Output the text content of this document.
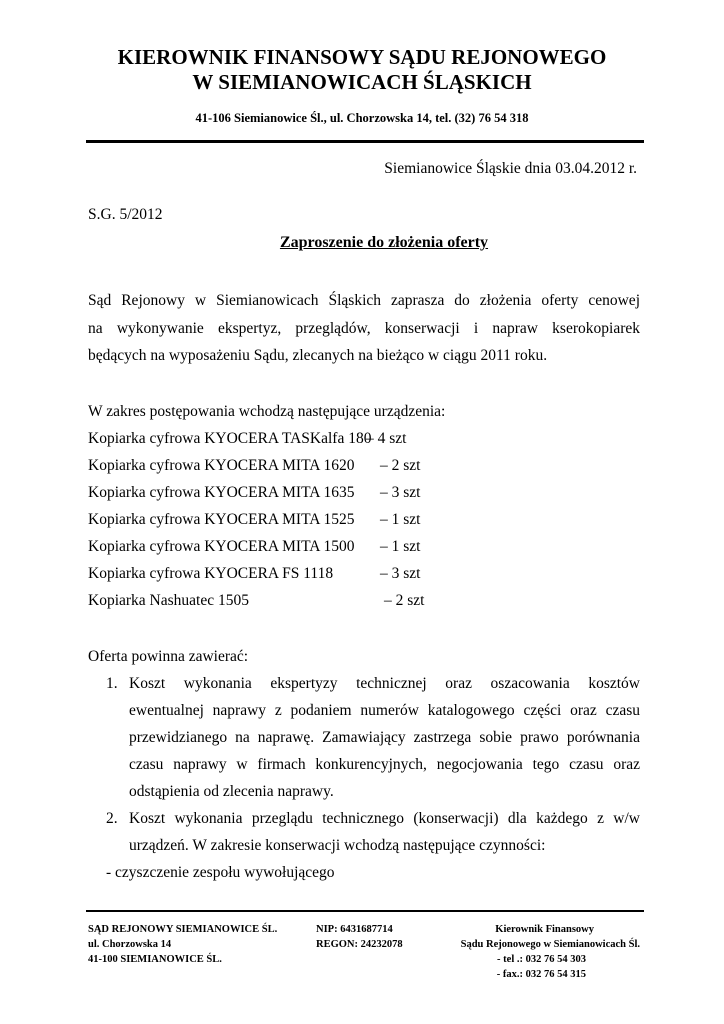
KIEROWNIK FINANSOWY SĄDU REJONOWEGO
W SIEMIANOWICACH ŚLĄSKICH
41-106 Siemianowice Śl., ul. Chorzowska 14, tel. (32) 76 54 318
Siemianowice Śląskie dnia 03.04.2012 r.
S.G. 5/2012
Zaproszenie do złożenia oferty
Sąd Rejonowy w Siemianowicach Śląskich zaprasza do złożenia oferty cenowej
na wykonywanie ekspertyz, przeglądów, konserwacji i napraw kserokopiarek
będących na wyposażeniu Sądu, zlecanych na bieżąco w ciągu 2011 roku.
W zakres postępowania wchodzą następujące urządzenia:
Kopiarka cyfrowa KYOCERA TASKalfa 180
– 4 szt
Kopiarka cyfrowa KYOCERA MITA 1620 – 2 szt
Kopiarka cyfrowa KYOCERA MITA 1635 – 3 szt
Kopiarka cyfrowa KYOCERA MITA 1525 – 1 szt
Kopiarka cyfrowa KYOCERA MITA 1500 – 1 szt
Kopiarka cyfrowa KYOCERA FS 1118	– 3 szt
Kopiarka Nashuatec 1505	– 2 szt
Oferta powinna zawierać:
1. Koszt wykonania ekspertyzy technicznej oraz oszacowania kosztów
ewentualnej naprawy z podaniem numerów katalogowego części oraz czasu
przewidzianego na naprawę. Zamawiający zastrzega sobie prawo porównania
czasu naprawy w firmach konkurencyjnych, negocjowania tego czasu oraz
odstąpienia od zlecenia naprawy.
2. Koszt wykonania przeglądu technicznego (konserwacji) dla każdego z w/w
urządzeń. W zakresie konserwacji wchodzą następujące czynności:
- czyszczenie zespołu wywołującego
SĄD REJONOWY SIEMIANOWICE ŚL.
ul. Chorzowska 14
41-100 SIEMIANOWICE ŚL.
NIP: 6431687714
REGON: 24232078
Kierownik Finansowy
Sądu Rejonowego w Siemianowicach Śl.
- tel .: 032 76 54 303
- fax.: 032 76 54 315
